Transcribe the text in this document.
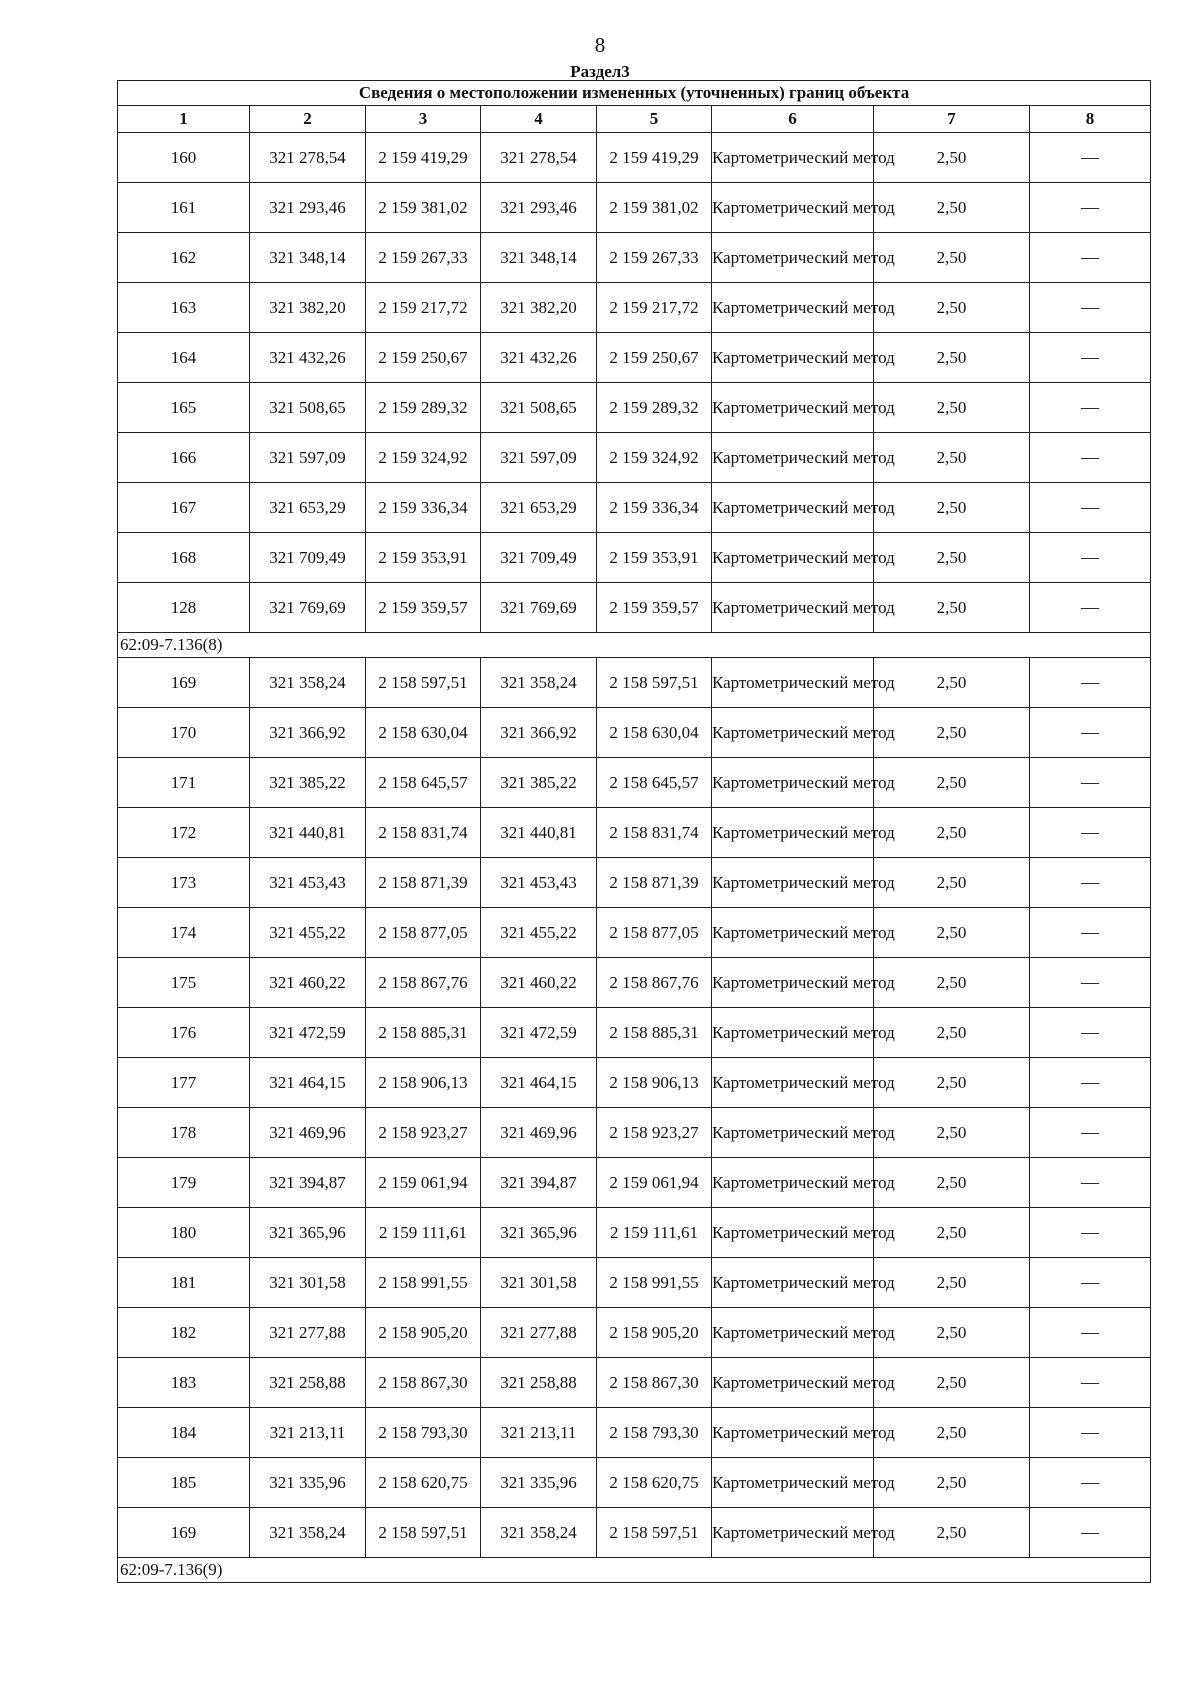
8
Раздел3
Сведения о местоположении измененных (уточненных) границ объекта							
1	2	3	4	5	6	7	8
160	321 278,54	2 159 419,29	321 278,54	2 159 419,29	Картометрический метод	2,50	—
161	321 293,46	2 159 381,02	321 293,46	2 159 381,02	Картометрический метод	2,50	—
162	321 348,14	2 159 267,33	321 348,14	2 159 267,33	Картометрический метод	2,50	—
163	321 382,20	2 159 217,72	321 382,20	2 159 217,72	Картометрический метод	2,50	—
164	321 432,26	2 159 250,67	321 432,26	2 159 250,67	Картометрический метод	2,50	—
165	321 508,65	2 159 289,32	321 508,65	2 159 289,32	Картометрический метод	2,50	—
166	321 597,09	2 159 324,92	321 597,09	2 159 324,92	Картометрический метод	2,50	—
167	321 653,29	2 159 336,34	321 653,29	2 159 336,34	Картометрический метод	2,50	—
168	321 709,49	2 159 353,91	321 709,49	2 159 353,91	Картометрический метод	2,50	—
128	321 769,69	2 159 359,57	321 769,69	2 159 359,57	Картометрический метод	2,50	—
62:09-7.136(8)							
169	321 358,24	2 158 597,51	321 358,24	2 158 597,51	Картометрический метод	2,50	—
170	321 366,92	2 158 630,04	321 366,92	2 158 630,04	Картометрический метод	2,50	—
171	321 385,22	2 158 645,57	321 385,22	2 158 645,57	Картометрический метод	2,50	—
172	321 440,81	2 158 831,74	321 440,81	2 158 831,74	Картометрический метод	2,50	—
173	321 453,43	2 158 871,39	321 453,43	2 158 871,39	Картометрический метод	2,50	—
174	321 455,22	2 158 877,05	321 455,22	2 158 877,05	Картометрический метод	2,50	—
175	321 460,22	2 158 867,76	321 460,22	2 158 867,76	Картометрический метод	2,50	—
176	321 472,59	2 158 885,31	321 472,59	2 158 885,31	Картометрический метод	2,50	—
177	321 464,15	2 158 906,13	321 464,15	2 158 906,13	Картометрический метод	2,50	—
178	321 469,96	2 158 923,27	321 469,96	2 158 923,27	Картометрический метод	2,50	—
179	321 394,87	2 159 061,94	321 394,87	2 159 061,94	Картометрический метод	2,50	—
180	321 365,96	2 159 111,61	321 365,96	2 159 111,61	Картометрический метод	2,50	—
181	321 301,58	2 158 991,55	321 301,58	2 158 991,55	Картометрический метод	2,50	—
182	321 277,88	2 158 905,20	321 277,88	2 158 905,20	Картометрический метод	2,50	—
183	321 258,88	2 158 867,30	321 258,88	2 158 867,30	Картометрический метод	2,50	—
184	321 213,11	2 158 793,30	321 213,11	2 158 793,30	Картометрический метод	2,50	—
185	321 335,96	2 158 620,75	321 335,96	2 158 620,75	Картометрический метод	2,50	—
169	321 358,24	2 158 597,51	321 358,24	2 158 597,51	Картометрический метод	2,50	—
62:09-7.136(9)							
